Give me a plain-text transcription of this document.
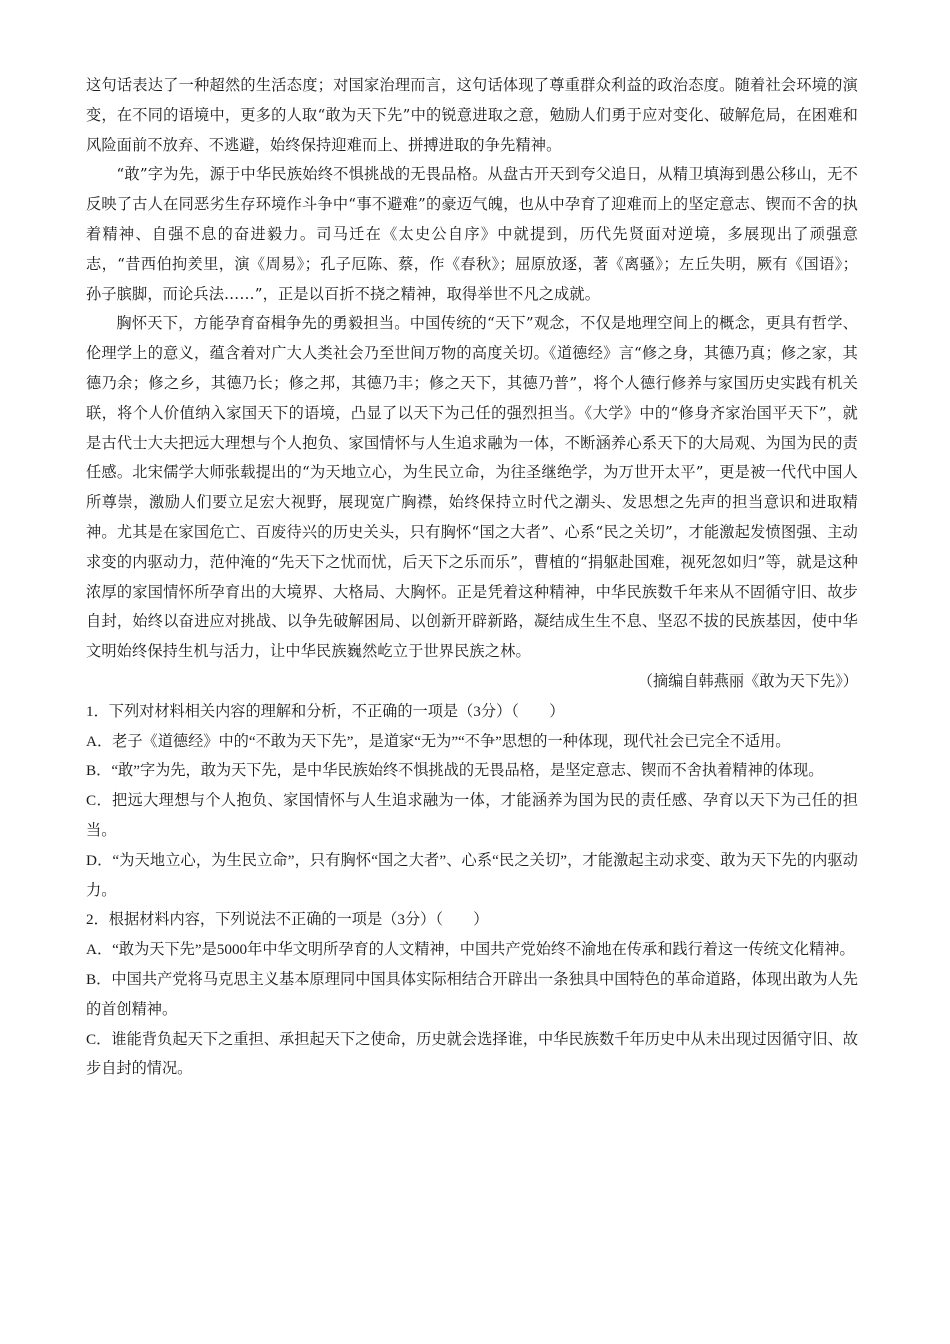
这句话表达了一种超然的生活态度；对国家治理而言，这句话体现了尊重群众利益的政治态度。随着社会环境的演变，在不同的语境中，更多的人取“敢为天下先”中的锐意进取之意，勉励人们勇于应对变化、破解危局，在困难和风险面前不放弃、不逃避，始终保持迎难而上、拼搏进取的争先精神。

“敢”字为先，源于中华民族始终不惧挑战的无畏品格。从盘古开天到夸父追日，从精卫填海到愚公移山，无不反映了古人在同恶劣生存环境作斗争中“事不避难”的豪迈气魄，也从中孕育了迎难而上的坚定意志、锲而不舍的执着精神、自强不息的奋进毅力。司马迁在《太史公自序》中就提到，历代先贤面对逆境，多展现出了顽强意志，“昔西伯拘羑里，演《周易》；孔子厄陈、蔡，作《春秋》；屈原放逐，著《离骚》；左丘失明，厥有《国语》；孙子膑脚，而论兵法……”，正是以百折不挠之精神，取得举世不凡之成就。

胸怀天下，方能孕育奋楫争先的勇毅担当。中国传统的“天下”观念，不仅是地理空间上的概念，更具有哲学、伦理学上的意义，蕴含着对广大人类社会乃至世间万物的高度关切。《道德经》言“修之身，其德乃真；修之家，其德乃余；修之乡，其德乃长；修之邦，其德乃丰；修之天下，其德乃普”，将个人德行修养与家国历史实践有机关联，将个人价值纳入家国天下的语境，凸显了以天下为己任的强烈担当。《大学》中的“修身齐家治国平天下”，就是古代士大夫把远大理想与个人抱负、家国情怀与人生追求融为一体，不断涵养心系天下的大局观、为国为民的责任感。北宋儒学大师张载提出的“为天地立心，为生民立命，为往圣继绝学，为万世开太平”，更是被一代代中国人所尊崇，激励人们要立足宏大视野，展现宽广胸襟，始终保持立时代之潮头、发思想之先声的担当意识和进取精神。尤其是在家国危亡、百废待兴的历史关头，只有胸怀“国之大者”、心系“民之关切”，才能激起发愤图强、主动求变的内驱动力，范仲淹的“先天下之忧而忧，后天下之乐而乐”，曹植的“捐躯赴国难，视死忽如归”等，就是这种浓厚的家国情怀所孕育出的大境界、大格局、大胸怀。正是凭着这种精神，中华民族数千年来从不固循守旧、故步自封，始终以奋进应对挑战、以争先破解困局、以创新开辟新路，凝结成生生不息、坚忍不拔的民族基因，使中华文明始终保持生机与活力，让中华民族巍然屹立于世界民族之林。

（摘编自韩燕丽《敢为天下先》）

1．下列对材料相关内容的理解和分析，不正确的一项是（3分）（　　）

A．老子《道德经》中的“不敢为天下先”，是道家“无为”“不争”思想的一种体现，现代社会已完全不适用。

B．“敢”字为先，敢为天下先，是中华民族始终不惧挑战的无畏品格，是坚定意志、锲而不舍执着精神的体现。

C．把远大理想与个人抱负、家国情怀与人生追求融为一体，才能涵养为国为民的责任感、孕育以天下为己任的担当。

D．“为天地立心，为生民立命”，只有胸怀“国之大者”、心系“民之关切”，才能激起主动求变、敢为天下先的内驱动力。

2．根据材料内容，下列说法不正确的一项是（3分）（　　）

A．“敢为天下先”是5000年中华文明所孕育的人文精神，中国共产党始终不渝地在传承和践行着这一传统文化精神。

B．中国共产党将马克思主义基本原理同中国具体实际相结合开辟出一条独具中国特色的革命道路，体现出敢为人先的首创精神。

C．谁能背负起天下之重担、承担起天下之使命，历史就会选择谁，中华民族数千年历史中从未出现过因循守旧、故步自封的情况。
